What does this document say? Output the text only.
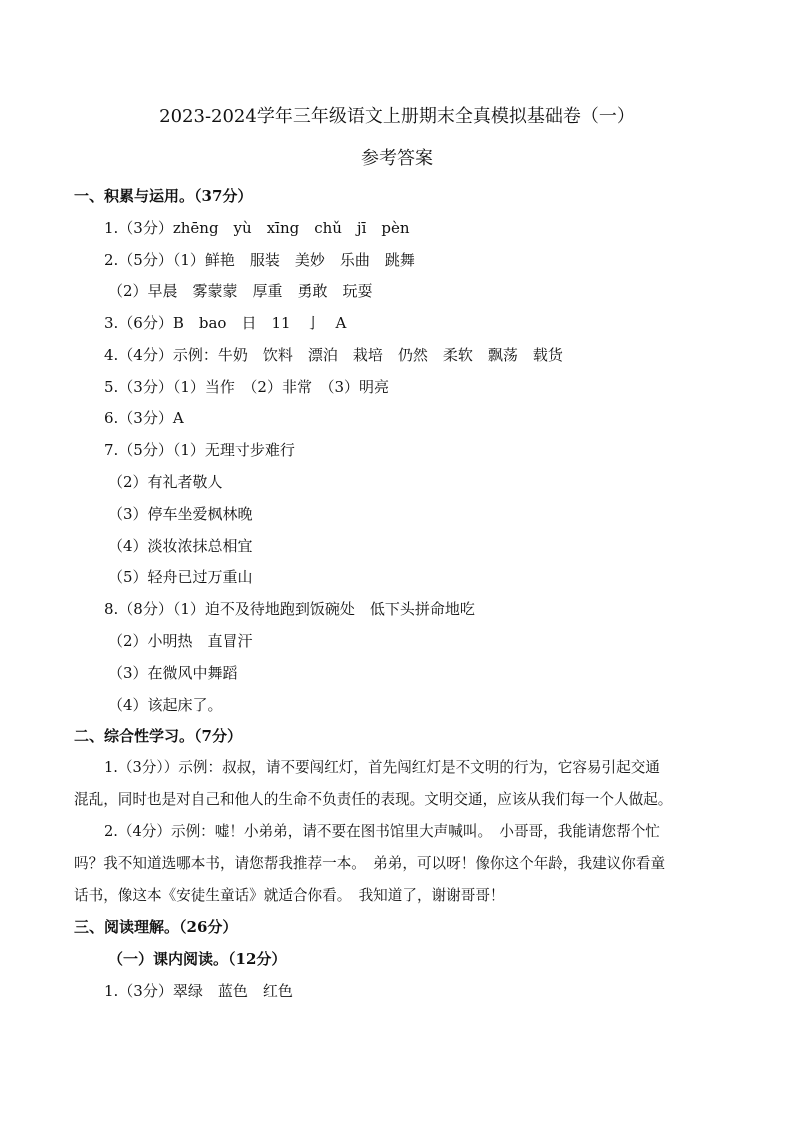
2023-2024学年三年级语文上册期末全真模拟基础卷（一）
参考答案
一、积累与运用。（37分）
1.（3分）zhēng　yù　xīng　chǔ　jī　pèn
2.（5分）（1）鲜艳　服装　美妙　乐曲　跳舞
（2）早晨　雾蒙蒙　厚重　勇敢　玩耍
3.（6分）B　bao　日　11　亅　A
4.（4分）示例：牛奶　饮料　漂泊　栽培　仍然　柔软　飘荡　载货
5.（3分）（1）当作　（2）非常　（3）明亮
6.（3分）A
7.（5分）（1）无理寸步难行
（2）有礼者敬人
（3）停车坐爱枫林晚
（4）淡妆浓抹总相宜
（5）轻舟已过万重山
8.（8分）（1）迫不及待地跑到饭碗处　低下头拼命地吃
（2）小明热　直冒汗
（3）在微风中舞蹈
（4）该起床了。
二、综合性学习。（7分）
1.（3分））示例：叔叔，请不要闯红灯，首先闯红灯是不文明的行为，它容易引起交通
混乱，同时也是对自己和他人的生命不负责任的表现。文明交通，应该从我们每一个人做起。
2.（4分）示例：嘘！小弟弟，请不要在图书馆里大声喊叫。　小哥哥，我能请您帮个忙
吗？我不知道选哪本书，请您帮我推荐一本。　弟弟，可以呀！像你这个年龄，我建议你看童
话书，像这本《安徒生童话》就适合你看。　我知道了，谢谢哥哥！
三、阅读理解。（26分）
（一）课内阅读。（12分）
1.（3分）翠绿　蓝色　红色
